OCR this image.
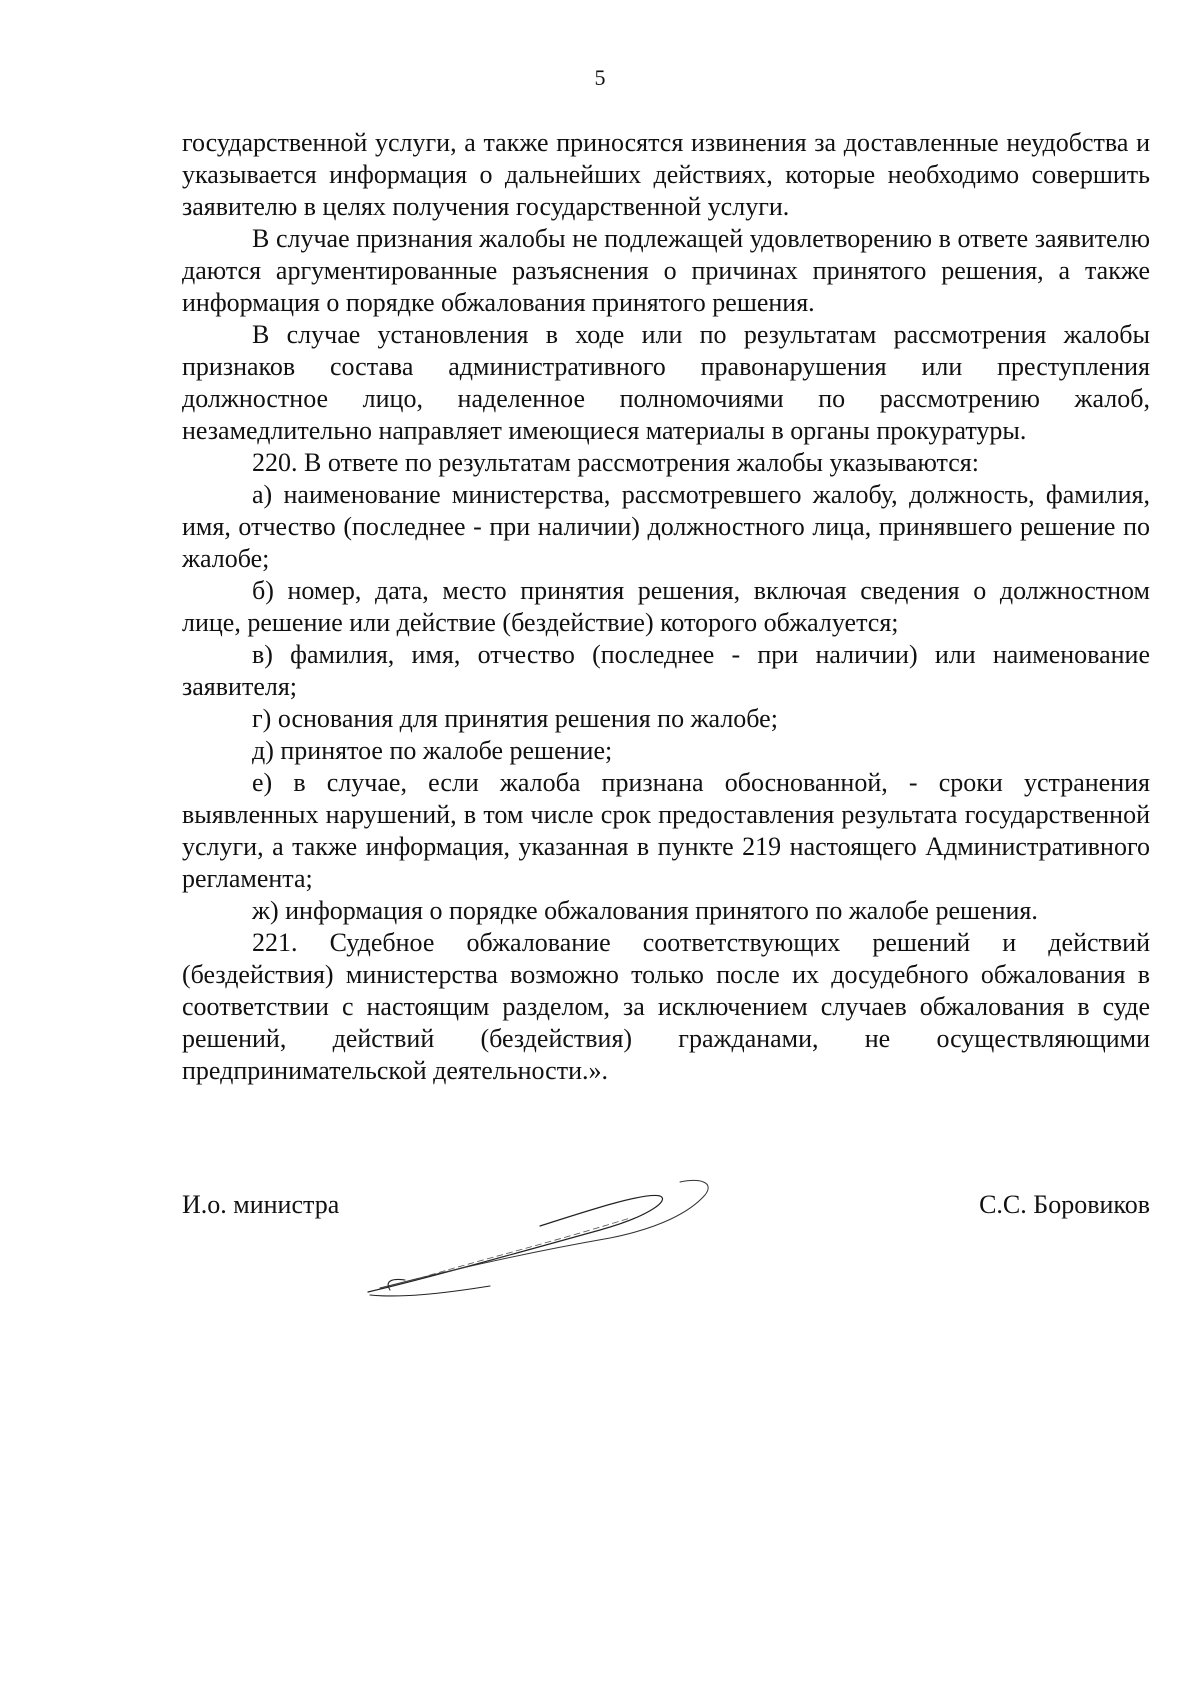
5

государственной услуги, а также приносятся извинения за доставленные неудобства и указывается информация о дальнейших действиях, которые необходимо совершить заявителю в целях получения государственной услуги.

В случае признания жалобы не подлежащей удовлетворению в ответе заявителю даются аргументированные разъяснения о причинах принятого решения, а также информация о порядке обжалования принятого решения.

В случае установления в ходе или по результатам рассмотрения жалобы признаков состава административного правонарушения или преступления должностное лицо, наделенное полномочиями по рассмотрению жалоб, незамедлительно направляет имеющиеся материалы в органы прокуратуры.

220. В ответе по результатам рассмотрения жалобы указываются:

а) наименование министерства, рассмотревшего жалобу, должность, фамилия, имя, отчество (последнее - при наличии) должностного лица, принявшего решение по жалобе;

б) номер, дата, место принятия решения, включая сведения о должностном лице, решение или действие (бездействие) которого обжалуется;

в) фамилия, имя, отчество (последнее - при наличии) или наименование заявителя;

г) основания для принятия решения по жалобе;

д) принятое по жалобе решение;

е) в случае, если жалоба признана обоснованной, - сроки устранения выявленных нарушений, в том числе срок предоставления результата государственной услуги, а также информация, указанная в пункте 219 настоящего Административного регламента;

ж) информация о порядке обжалования принятого по жалобе решения.

221. Судебное обжалование соответствующих решений и действий (бездействия) министерства возможно только после их досудебного обжалования в соответствии с настоящим разделом, за исключением случаев обжалования в суде решений, действий (бездействия) гражданами, не осуществляющими предпринимательской деятельности.».

И.о. министра	С.С. Боровиков
